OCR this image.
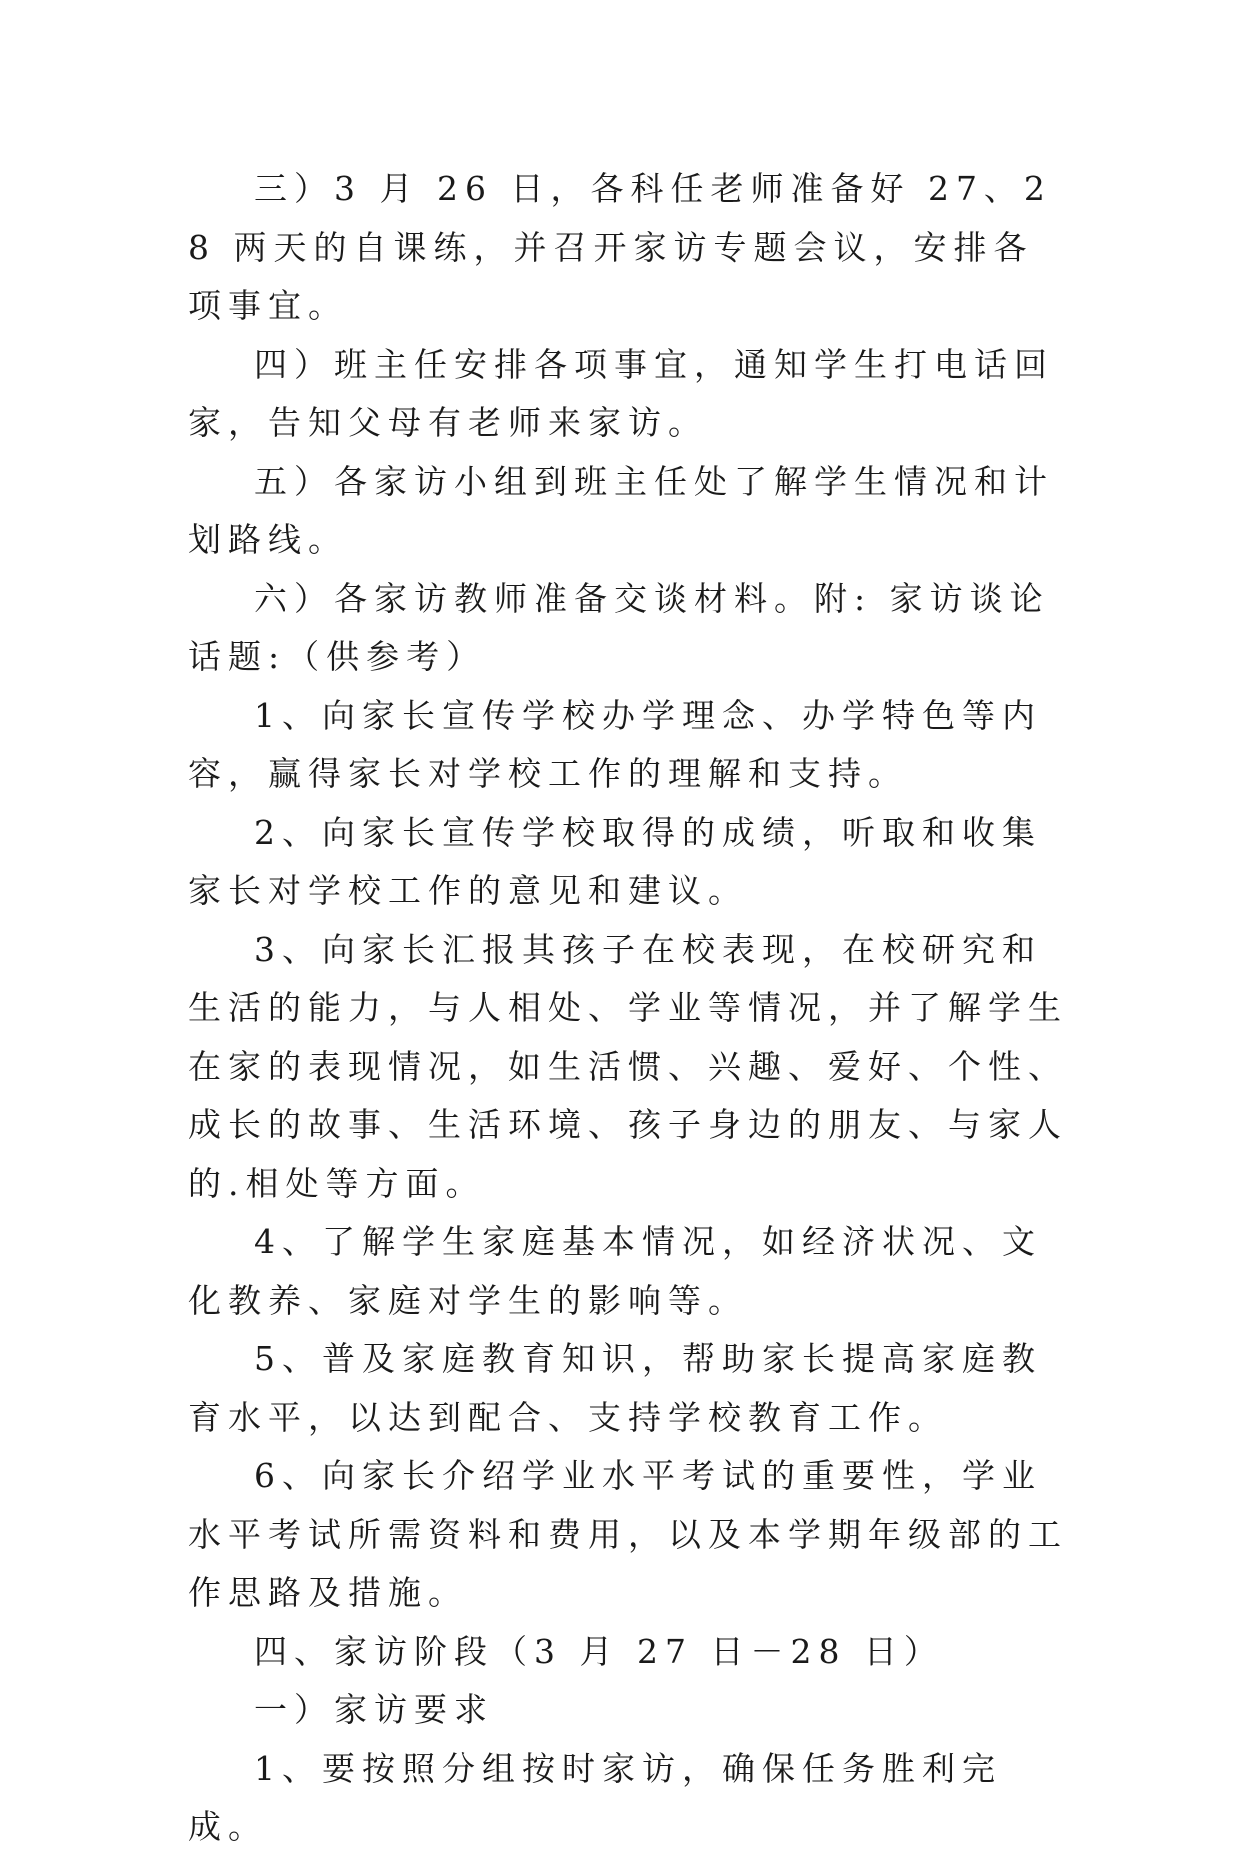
三）3 月 26 日，各科任老师准备好 27、28 两天的自课练，并召开家访专题会议，安排各项事宜。

四）班主任安排各项事宜，通知学生打电话回家，告知父母有老师来家访。

五）各家访小组到班主任处了解学生情况和计划路线。

六）各家访教师准备交谈材料。附: 家访谈论话题:（供参考）

1、向家长宣传学校办学理念、办学特色等内容，赢得家长对学校工作的理解和支持。

2、向家长宣传学校取得的成绩，听取和收集家长对学校工作的意见和建议。

3、向家长汇报其孩子在校表现，在校研究和生活的能力，与人相处、学业等情况，并了解学生在家的表现情况，如生活惯、兴趣、爱好、个性、成长的故事、生活环境、孩子身边的朋友、与家人的.相处等方面。

4、了解学生家庭基本情况，如经济状况、文化教养、家庭对学生的影响等。

5、普及家庭教育知识，帮助家长提高家庭教育水平，以达到配合、支持学校教育工作。

6、向家长介绍学业水平考试的重要性，学业水平考试所需资料和费用，以及本学期年级部的工作思路及措施。

四、家访阶段（3 月 27 日－28 日）

一）家访要求

1、要按照分组按时家访，确保任务胜利完成。
